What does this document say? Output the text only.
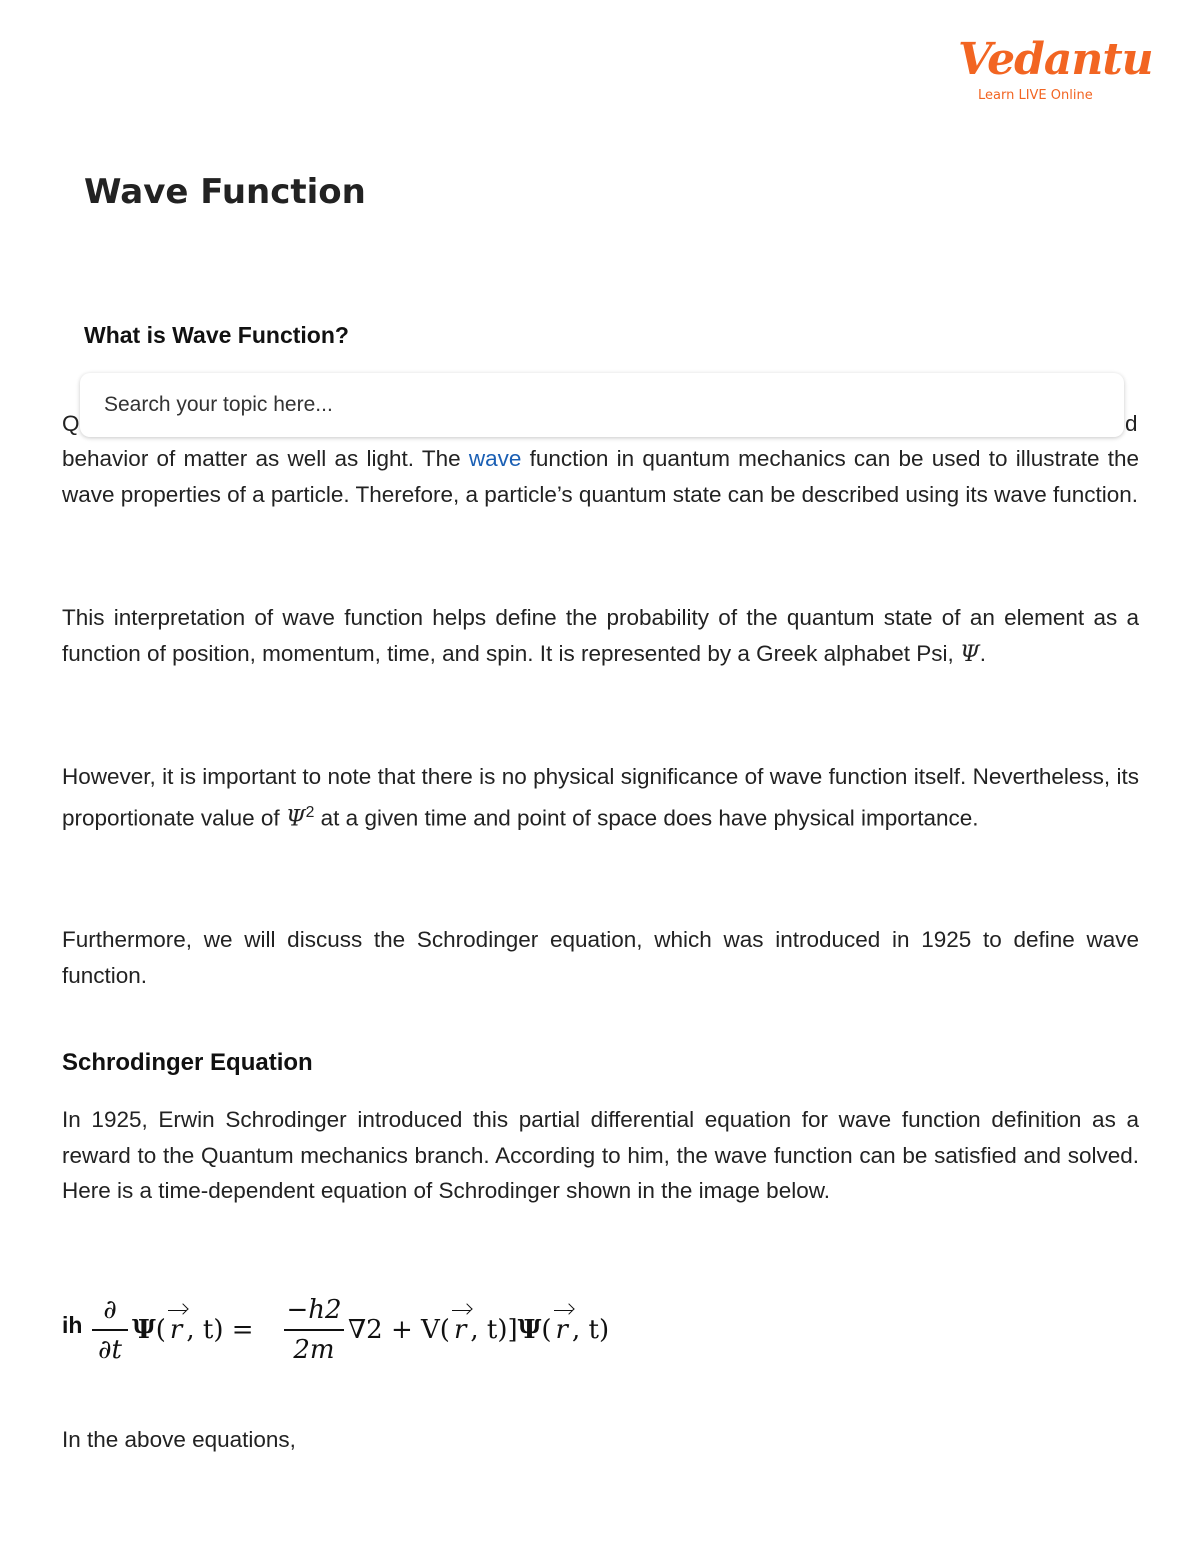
Vedantu
Learn LIVE Online
Wave Function
What is Wave Function?
Search your topic here...
Q	d

behavior of matter as well as light. The wave function in quantum mechanics can be used to illustrate the wave properties of a particle. Therefore, a particle’s quantum state can be described using its wave function.

This interpretation of wave function helps define the probability of the quantum state of an element as a function of position, momentum, time, and spin. It is represented by a Greek alphabet Psi, Ψ.

However, it is important to note that there is no physical significance of wave function itself. Nevertheless, its proportionate value of $\Psi^2$ at a given time and point of space does have physical importance.

Furthermore, we will discuss the Schrodinger equation, which was introduced in 1925 to define wave function.

Schrodinger Equation

In 1925, Erwin Schrodinger introduced this partial differential equation for wave function definition as a reward to the Quantum mechanics branch. According to him, the wave function can be satisfied and solved. Here is a time-dependent equation of Schrodinger shown in the image below.

ih ∂
∂t
Ψ( r , t) =
−h2
2m
∇2 + V( r , t)]Ψ( r , t)

In the above equations,
